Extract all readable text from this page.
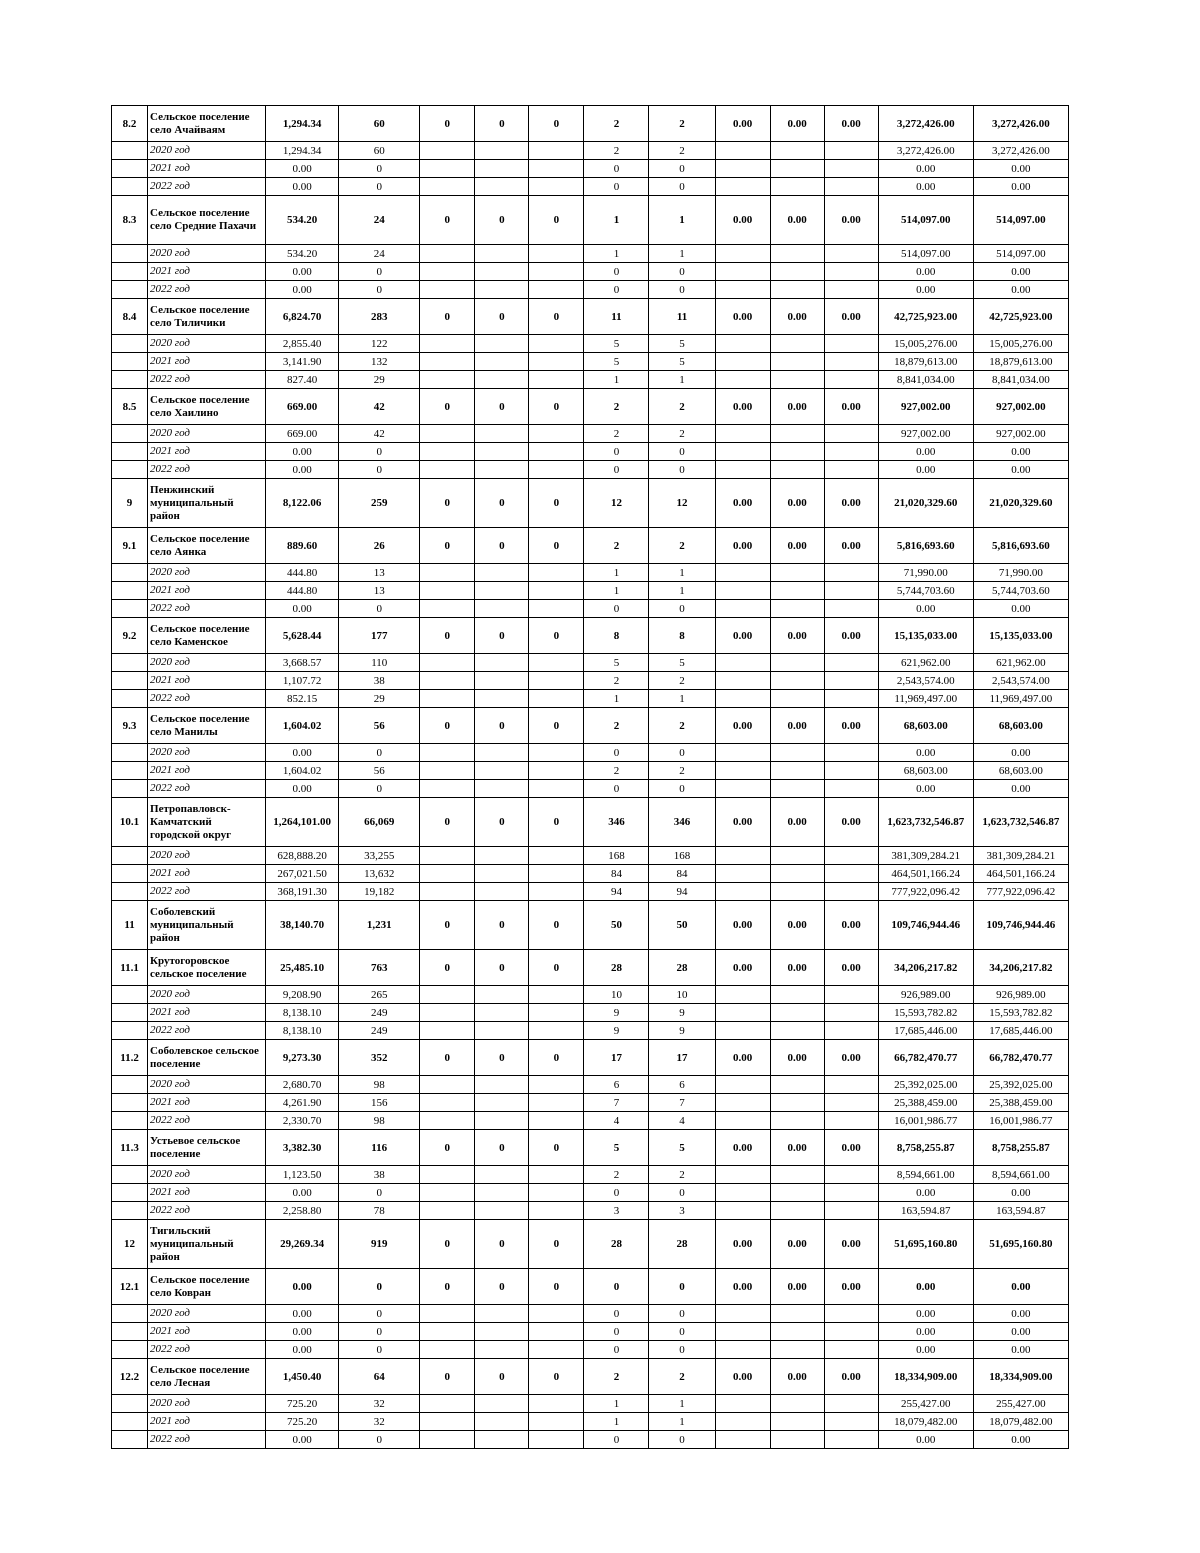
8.2	Сельское поселение село Ачайваям	1,294.34	60	0	0	0	2	2	0.00	0.00	0.00	3,272,426.00	3,272,426.00
	2020 год	1,294.34	60				2	2				3,272,426.00	3,272,426.00
	2021 год	0.00	0				0	0				0.00	0.00
	2022 год	0.00	0				0	0				0.00	0.00
8.3	Сельское поселение село Средние Пахачи	534.20	24	0	0	0	1	1	0.00	0.00	0.00	514,097.00	514,097.00
	2020 год	534.20	24				1	1				514,097.00	514,097.00
	2021 год	0.00	0				0	0				0.00	0.00
	2022 год	0.00	0				0	0				0.00	0.00
8.4	Сельское поселение село Тиличики	6,824.70	283	0	0	0	11	11	0.00	0.00	0.00	42,725,923.00	42,725,923.00
	2020 год	2,855.40	122				5	5				15,005,276.00	15,005,276.00
	2021 год	3,141.90	132				5	5				18,879,613.00	18,879,613.00
	2022 год	827.40	29				1	1				8,841,034.00	8,841,034.00
8.5	Сельское поселение село Хаилино	669.00	42	0	0	0	2	2	0.00	0.00	0.00	927,002.00	927,002.00
	2020 год	669.00	42				2	2				927,002.00	927,002.00
	2021 год	0.00	0				0	0				0.00	0.00
	2022 год	0.00	0				0	0				0.00	0.00
9	Пенжинский муниципальный район	8,122.06	259	0	0	0	12	12	0.00	0.00	0.00	21,020,329.60	21,020,329.60
9.1	Сельское поселение село Аянка	889.60	26	0	0	0	2	2	0.00	0.00	0.00	5,816,693.60	5,816,693.60
	2020 год	444.80	13				1	1				71,990.00	71,990.00
	2021 год	444.80	13				1	1				5,744,703.60	5,744,703.60
	2022 год	0.00	0				0	0				0.00	0.00
9.2	Сельское поселение село Каменское	5,628.44	177	0	0	0	8	8	0.00	0.00	0.00	15,135,033.00	15,135,033.00
	2020 год	3,668.57	110				5	5				621,962.00	621,962.00
	2021 год	1,107.72	38				2	2				2,543,574.00	2,543,574.00
	2022 год	852.15	29				1	1				11,969,497.00	11,969,497.00
9.3	Сельское поселение село Манилы	1,604.02	56	0	0	0	2	2	0.00	0.00	0.00	68,603.00	68,603.00
	2020 год	0.00	0				0	0				0.00	0.00
	2021 год	1,604.02	56				2	2				68,603.00	68,603.00
	2022 год	0.00	0				0	0				0.00	0.00
10.1	Петропавловск-Камчатский городской округ	1,264,101.00	66,069	0	0	0	346	346	0.00	0.00	0.00	1,623,732,546.87	1,623,732,546.87
	2020 год	628,888.20	33,255				168	168				381,309,284.21	381,309,284.21
	2021 год	267,021.50	13,632				84	84				464,501,166.24	464,501,166.24
	2022 год	368,191.30	19,182				94	94				777,922,096.42	777,922,096.42
11	Соболевский муниципальный район	38,140.70	1,231	0	0	0	50	50	0.00	0.00	0.00	109,746,944.46	109,746,944.46
11.1	Крутогоровское сельское поселение	25,485.10	763	0	0	0	28	28	0.00	0.00	0.00	34,206,217.82	34,206,217.82
	2020 год	9,208.90	265				10	10				926,989.00	926,989.00
	2021 год	8,138.10	249				9	9				15,593,782.82	15,593,782.82
	2022 год	8,138.10	249				9	9				17,685,446.00	17,685,446.00
11.2	Соболевское сельское поселение	9,273.30	352	0	0	0	17	17	0.00	0.00	0.00	66,782,470.77	66,782,470.77
	2020 год	2,680.70	98				6	6				25,392,025.00	25,392,025.00
	2021 год	4,261.90	156				7	7				25,388,459.00	25,388,459.00
	2022 год	2,330.70	98				4	4				16,001,986.77	16,001,986.77
11.3	Устьевое сельское поселение	3,382.30	116	0	0	0	5	5	0.00	0.00	0.00	8,758,255.87	8,758,255.87
	2020 год	1,123.50	38				2	2				8,594,661.00	8,594,661.00
	2021 год	0.00	0				0	0				0.00	0.00
	2022 год	2,258.80	78				3	3				163,594.87	163,594.87
12	Тигильский муниципальный район	29,269.34	919	0	0	0	28	28	0.00	0.00	0.00	51,695,160.80	51,695,160.80
12.1	Сельское поселение село Ковран	0.00	0	0	0	0	0	0	0.00	0.00	0.00	0.00	0.00
	2020 год	0.00	0				0	0				0.00	0.00
	2021 год	0.00	0				0	0				0.00	0.00
	2022 год	0.00	0				0	0				0.00	0.00
12.2	Сельское поселение село Лесная	1,450.40	64	0	0	0	2	2	0.00	0.00	0.00	18,334,909.00	18,334,909.00
	2020 год	725.20	32				1	1				255,427.00	255,427.00
	2021 год	725.20	32				1	1				18,079,482.00	18,079,482.00
	2022 год	0.00	0				0	0				0.00	0.00
